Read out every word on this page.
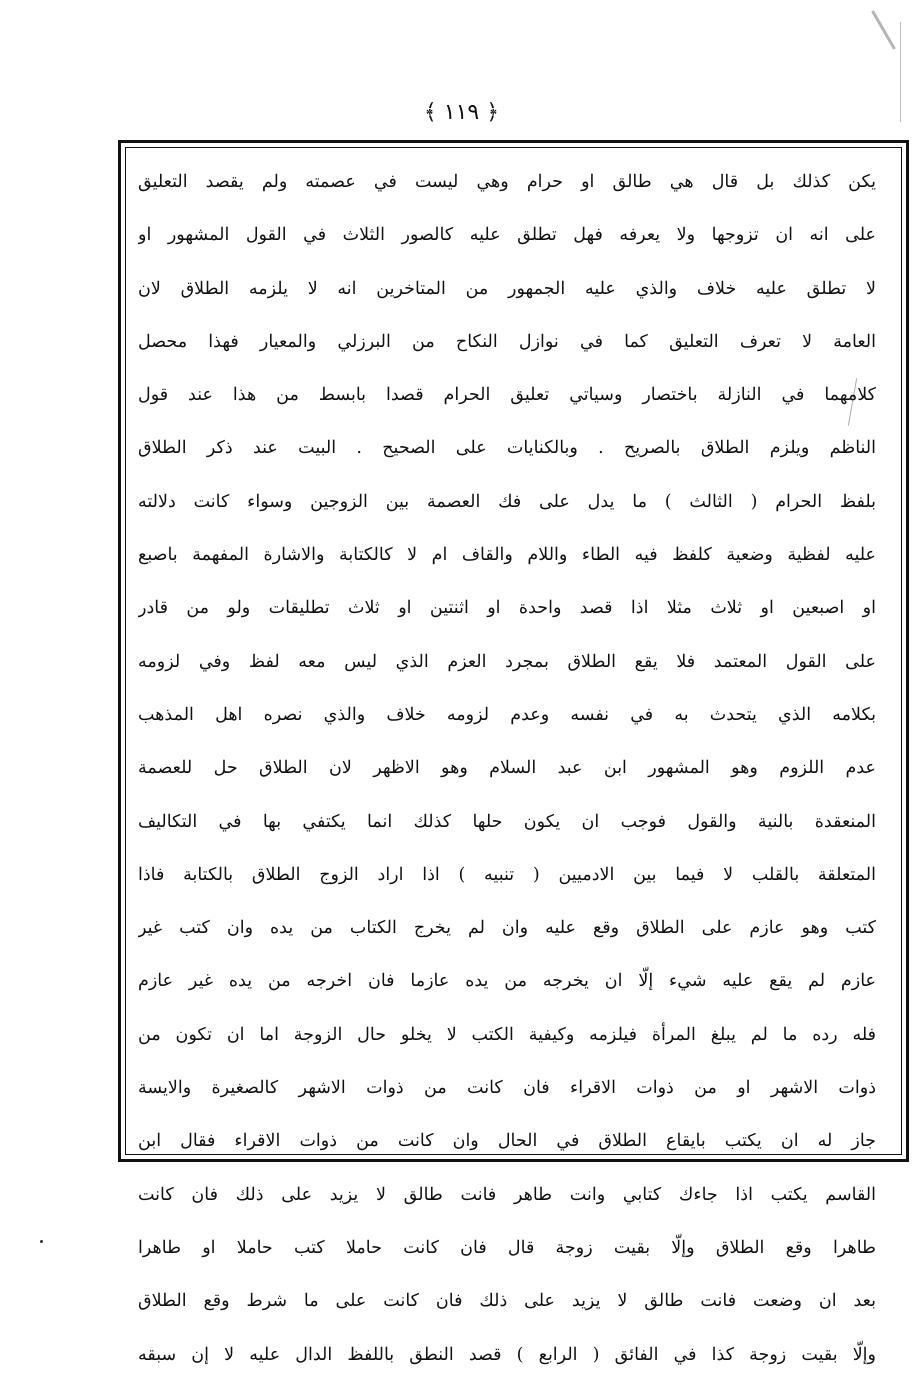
﴿ ١١٩ ﴾
يكن كذلك بل قال هي طالق او حرام وهي ليست في عصمته ولم يقصد التعليق
على انه ان تزوجها ولا يعرفه فهل تطلق عليه كالصور الثلاث في القول المشهور او
لا تطلق عليه خلاف والذي عليه الجمهور من المتاخرين انه لا يلزمه الطلاق لان
العامة لا تعرف التعليق كما في نوازل النكاح من البرزلي والمعيار فهذا محصل
كلامهما في النازلة باختصار وسياتي تعليق الحرام قصدا بابسط من هذا عند قول
الناظم ويلزم الطلاق بالصريح . وبالكنايات على الصحيح . البيت عند ذكر الطلاق
بلفظ الحرام ( الثالث ) ما يدل على فك العصمة بين الزوجين وسواء كانت دلالته
عليه لفظية وضعية كلفظ فيه الطاء واللام والقاف ام لا كالكتابة والاشارة المفهمة باصبع
او اصبعين او ثلاث مثلا اذا قصد واحدة او اثنتين او ثلاث تطليقات ولو من قادر
على القول المعتمد فلا يقع الطلاق بمجرد العزم الذي ليس معه لفظ وفي لزومه
بكلامه الذي يتحدث به في نفسه وعدم لزومه خلاف والذي نصره اهل المذهب
عدم اللزوم وهو المشهور ابن عبد السلام وهو الاظهر لان الطلاق حل للعصمة
المنعقدة بالنية والقول فوجب ان يكون حلها كذلك انما يكتفي بها في التكاليف
المتعلقة بالقلب لا فيما بين الادميين ( تنبيه ) اذا اراد الزوج الطلاق بالكتابة فاذا
كتب وهو عازم على الطلاق وقع عليه وان لم يخرج الكتاب من يده وان كتب غير
عازم لم يقع عليه شيء إلّا ان يخرجه من يده عازما فان اخرجه من يده غير عازم
فله رده ما لم يبلغ المرأة فيلزمه وكيفية الكتب لا يخلو حال الزوجة اما ان تكون من
ذوات الاشهر او من ذوات الاقراء فان كانت من ذوات الاشهر كالصغيرة والايسة
جاز له ان يكتب بايقاع الطلاق في الحال وان كانت من ذوات الاقراء فقال ابن
القاسم يكتب اذا جاءك كتابي وانت طاهر فانت طالق لا يزيد على ذلك فان كانت
طاهرا وقع الطلاق وإلّا بقيت زوجة قال فان كانت حاملا كتب حاملا او طاهرا
بعد ان وضعت فانت طالق لا يزيد على ذلك فان كانت على ما شرط وقع الطلاق
وإلّا بقيت زوجة كذا في الفائق ( الرابع ) قصد النطق باللفظ الدال عليه لا إن سبقه
